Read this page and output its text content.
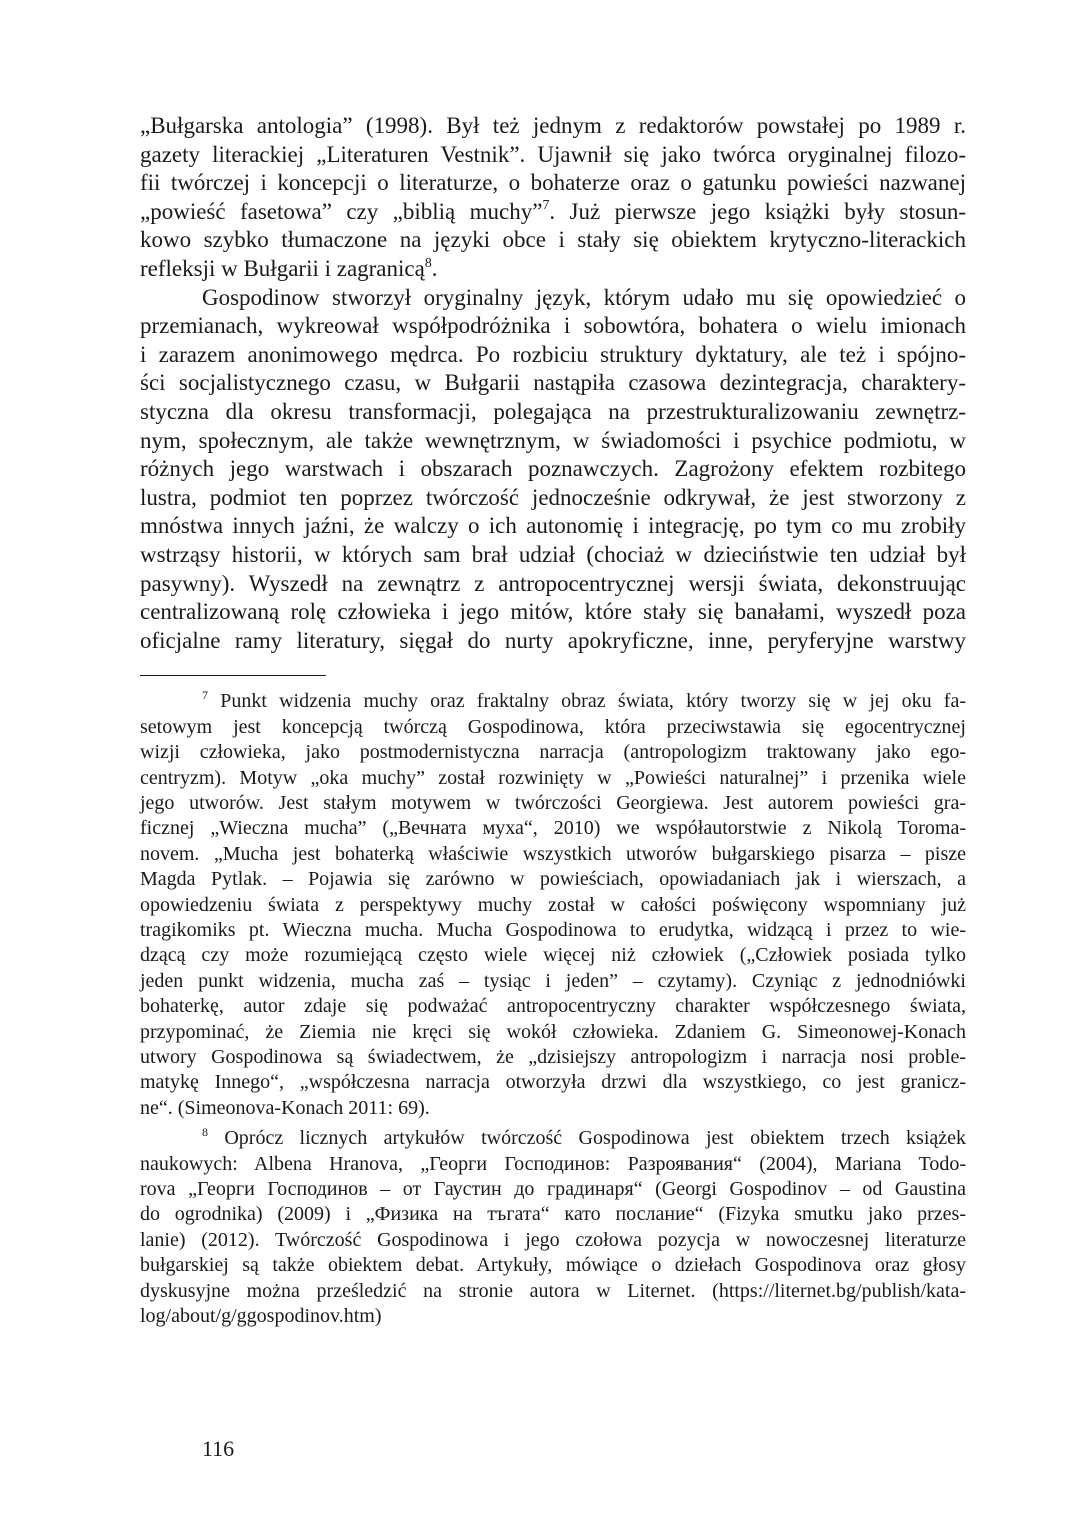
„Bułgarska antologia” (1998). Był też jednym z redaktorów powstałej po 1989 r.
gazety literackiej „Literaturen Vestnik”. Ujawnił się jako twórca oryginalnej filozo-
fii twórczej i koncepcji o literaturze, o bohaterze oraz o gatunku powieści nazwanej
„powieść fasetowa” czy „biblią muchy”$^7$. Już pierwsze jego książki były stosun-
kowo szybko tłumaczone na języki obce i stały się obiektem krytyczno-literackich
refleksji w Bułgarii i zagranicą$^8$.
Gospodinow stworzył oryginalny język, którym udało mu się opowiedzieć o
przemianach, wykreował współpodróżnika i sobowtóra, bohatera o wielu imionach
i zarazem anonimowego mędrca. Po rozbiciu struktury dyktatury, ale też i spójno-
ści socjalistycznego czasu, w Bułgarii nastąpiła czasowa dezintegracja, charaktery-
styczna dla okresu transformacji, polegająca na przestrukturalizowaniu zewnętrz-
nym, społecznym, ale także wewnętrznym, w świadomości i psychice podmiotu, w
różnych jego warstwach i obszarach poznawczych. Zagrożony efektem rozbitego
lustra, podmiot ten poprzez twórczość jednocześnie odkrywał, że jest stworzony z
mnóstwa innych jaźni, że walczy o ich autonomię i integrację, po tym co mu zrobiły
wstrząsy historii, w których sam brał udział (chociaż w dzieciństwie ten udział był
pasywny). Wyszedł na zewnątrz z antropocentrycznej wersji świata, dekonstruując
centralizowaną rolę człowieka i jego mitów, które stały się banałami, wyszedł poza
oficjalne ramy literatury, sięgał do nurty apokryficzne, inne, peryferyjne warstwy
$^7$ Punkt widzenia muchy oraz fraktalny obraz świata, który tworzy się w jej oku fa-
setowym jest koncepcją twórczą Gospodinowa, która przeciwstawia się egocentrycznej
wizji człowieka, jako postmodernistyczna narracja (antropologizm traktowany jako ego-
centryzm). Motyw „oka muchy” został rozwinięty w „Powieści naturalnej” i przenika wiele
jego utworów. Jest stałym motywem w twórczości Georgiewa. Jest autorem powieści gra-
ficznej „Wieczna mucha” („Вечната муха“, 2010) we współautorstwie z Nikolą Toroma-
novem. „Mucha jest bohaterką właściwie wszystkich utworów bułgarskiego pisarza – pisze
Magda Pytlak. – Pojawia się zarówno w powieściach, opowiadaniach jak i wierszach, a
opowiedzeniu świata z perspektywy muchy został w całości poświęcony wspomniany już
tragikomiks pt. Wieczna mucha. Mucha Gospodinowa to erudytka, widzącą i przez to wie-
dzącą czy może rozumiejącą często wiele więcej niż człowiek („Człowiek posiada tylko
jeden punkt widzenia, mucha zaś – tysiąc i jeden” – czytamy). Czyniąc z jednodniówki
bohaterkę, autor zdaje się podważać antropocentryczny charakter współczesnego świata,
przypominać, że Ziemia nie kręci się wokół człowieka. Zdaniem G. Simeonowej-Konach
utwory Gospodinowa są świadectwem, że „dzisiejszy antropologizm i narracja nosi proble-
matykę Innego“, „współczesna narracja otworzyła drzwi dla wszystkiego, co jest granicz-
ne“. (Simeonova-Konach 2011: 69).
$^8$ Oprócz licznych artykułów twórczość Gospodinowa jest obiektem trzech książek
naukowych: Albena Hranova, „Георги Господинов: Разроявания“ (2004), Mariana Todo-
rova „Георги Господинов – от Гаустин до градинаря“ (Georgi Gospodinov – od Gaustina
do ogrodnika) (2009) i „Физика на тъгата“ като послание“ (Fizyka smutku jako przes-
lanie) (2012). Twórczość Gospodinowa i jego czołowa pozycja w nowoczesnej literaturze
bułgarskiej są także obiektem debat. Artykuły, mówiące o dziełach Gospodinova oraz głosy
dyskusyjne można prześledzić na stronie autora w Liternet. (https://liternet.bg/publish/kata-
log/about/g/ggospodinov.htm)
116
